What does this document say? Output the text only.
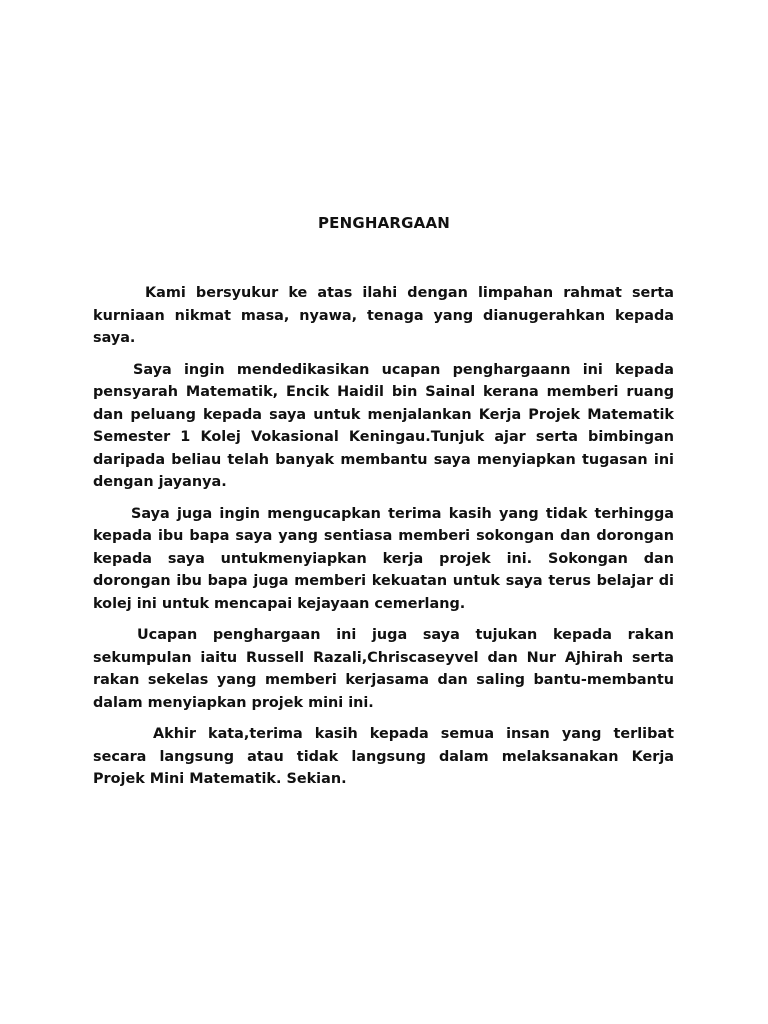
PENGHARGAAN

Kami bersyukur ke atas ilahi dengan limpahan rahmat serta kurniaan nikmat masa, nyawa, tenaga yang dianugerahkan kepada saya.

Saya ingin mendedikasikan ucapan penghargaann ini kepada pensyarah Matematik, Encik Haidil bin Sainal kerana memberi ruang dan peluang kepada saya untuk menjalankan Kerja Projek Matematik Semester 1 Kolej Vokasional Keningau.Tunjuk ajar serta bimbingan daripada beliau telah banyak membantu saya menyiapkan tugasan ini dengan jayanya.

Saya juga ingin mengucapkan terima kasih yang tidak terhingga kepada ibu bapa saya yang sentiasa memberi sokongan dan dorongan kepada saya untukmenyiapkan kerja projek ini. Sokongan dan dorongan ibu bapa juga memberi kekuatan untuk saya terus belajar di kolej ini untuk mencapai kejayaan cemerlang.

Ucapan penghargaan ini juga saya tujukan kepada rakan sekumpulan iaitu Russell Razali,Chriscaseyvel dan Nur Ajhirah serta rakan sekelas yang memberi kerjasama dan saling bantu-membantu dalam menyiapkan projek mini ini.

Akhir kata,terima kasih kepada semua insan yang terlibat secara langsung atau tidak langsung dalam melaksanakan Kerja Projek Mini Matematik. Sekian.
